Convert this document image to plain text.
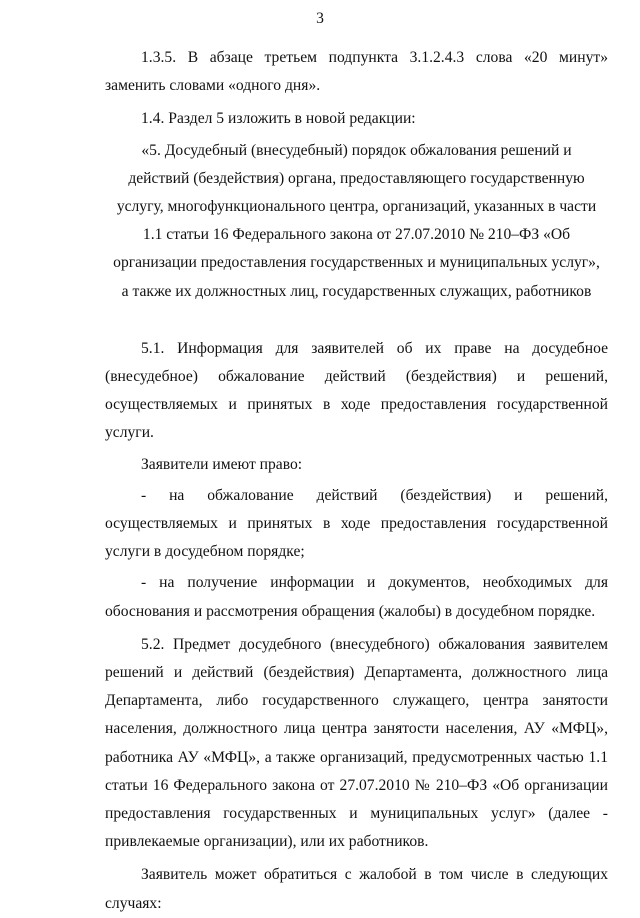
3

1.3.5. В абзаце третьем подпункта 3.1.2.4.3 слова «20 минут» заменить словами «одного дня».

1.4. Раздел 5 изложить в новой редакции:

«5. Досудебный (внесудебный) порядок обжалования решений и действий (бездействия) органа, предоставляющего государственную услугу, многофункционального центра, организаций, указанных в части 1.1 статьи 16 Федерального закона от 27.07.2010 № 210–ФЗ «Об организации предоставления государственных и муниципальных услуг», а также их должностных лиц, государственных служащих, работников

5.1. Информация для заявителей об их праве на досудебное (внесудебное) обжалование действий (бездействия) и решений, осуществляемых и принятых в ходе предоставления государственной услуги.

Заявители имеют право:

- на обжалование действий (бездействия) и решений, осуществляемых и принятых в ходе предоставления государственной услуги в досудебном порядке;

- на получение информации и документов, необходимых для обоснования и рассмотрения обращения (жалобы) в досудебном порядке.

5.2. Предмет досудебного (внесудебного) обжалования заявителем решений и действий (бездействия) Департамента, должностного лица Департамента, либо государственного служащего, центра занятости населения, должностного лица центра занятости населения, АУ «МФЦ», работника АУ «МФЦ», а также организаций, предусмотренных частью 1.1 статьи 16 Федерального закона от 27.07.2010 № 210–ФЗ «Об организации предоставления государственных и муниципальных услуг» (далее - привлекаемые организации), или их работников.

Заявитель может обратиться с жалобой в том числе в следующих случаях:
